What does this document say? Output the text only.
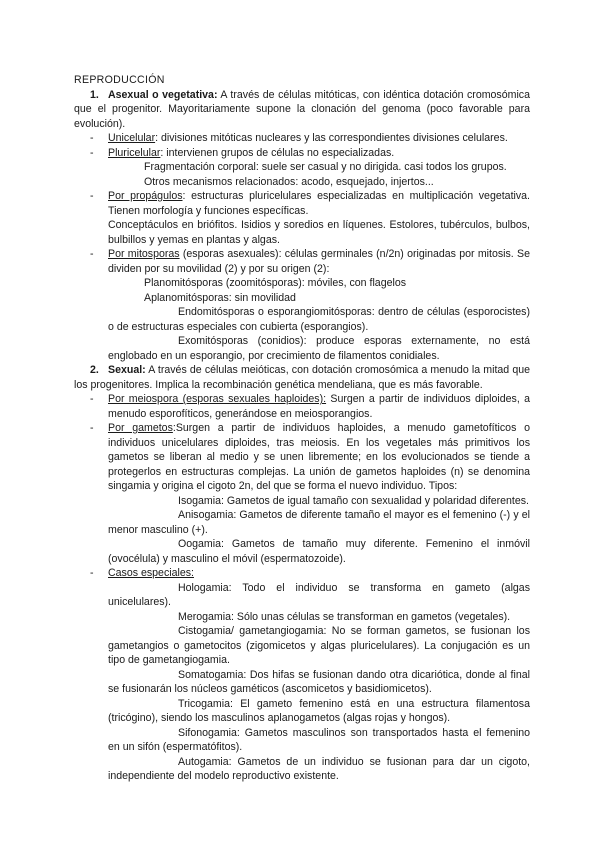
REPRODUCCIÓN

1. Asexual o vegetativa: A través de células mitóticas, con idéntica dotación cromosómica que el progenitor. Mayoritariamente supone la clonación del genoma (poco favorable para evolución).

- Unicelular: divisiones mitóticas nucleares y las correspondientes divisiones celulares.

- Pluricelular: intervienen grupos de células no especializadas.

Fragmentación corporal: suele ser casual y no dirigida. casi todos los grupos.

Otros mecanismos relacionados: acodo, esquejado, injertos...

- Por propágulos: estructuras pluricelulares especializadas en multiplicación vegetativa. Tienen morfología y funciones específicas.

Conceptáculos en briófitos. Isidios y soredios en líquenes. Estolores, tubérculos, bulbos, bulbillos y yemas en plantas y algas.

- Por mitosporas (esporas asexuales): células germinales (n/2n) originadas por mitosis. Se dividen por su movilidad (2) y por su origen (2):

Planomitósporas (zoomitósporas): móviles, con flagelos

Aplanomitósporas: sin movilidad

Endomitósporas o esporangiomitósporas: dentro de células (esporocistes) o de estructuras especiales con cubierta (esporangios).

Exomitósporas (conidios): produce esporas externamente, no está englobado en un esporangio, por crecimiento de filamentos conidiales.

2. Sexual: A través de células meióticas, con dotación cromosómica a menudo la mitad que los progenitores. Implica la recombinación genética mendeliana, que es más favorable.

- Por meiospora (esporas sexuales haploides): Surgen a partir de individuos diploides, a menudo esporofíticos, generándose en meiosporangios.

- Por gametos:Surgen a partir de individuos haploides, a menudo gametofíticos o individuos unicelulares diploides, tras meiosis. En los vegetales más primitivos los gametos se liberan al medio y se unen libremente; en los evolucionados se tiende a protegerlos en estructuras complejas. La unión de gametos haploides (n) se denomina singamia y origina el cigoto 2n, del que se forma el nuevo individuo. Tipos:

Isogamia: Gametos de igual tamaño con sexualidad y polaridad diferentes.

Anisogamia: Gametos de diferente tamaño el mayor es el femenino (-) y el menor masculino (+).

Oogamia: Gametos de tamaño muy diferente. Femenino el inmóvil (ovocélula) y masculino el móvil (espermatozoide).

- Casos especiales:

Hologamia: Todo el individuo se transforma en gameto (algas unicelulares).

Merogamia: Sólo unas células se transforman en gametos (vegetales).

Cistogamia/ gametangiogamia: No se forman gametos, se fusionan los gametangios o gametocitos (zigomicetos y algas pluricelulares). La conjugación es un tipo de gametangiogamia.

Somatogamia: Dos hifas se fusionan dando otra dicariótica, donde al final se fusionarán los núcleos gaméticos (ascomicetos y basidiomicetos).

Tricogamia: El gameto femenino está en una estructura filamentosa (tricógino), siendo los masculinos aplanogametos (algas rojas y hongos).

Sifonogamia: Gametos masculinos son transportados hasta el femenino en un sifón (espermatófitos).

Autogamia: Gametos de un individuo se fusionan para dar un cigoto, independiente del modelo reproductivo existente.
